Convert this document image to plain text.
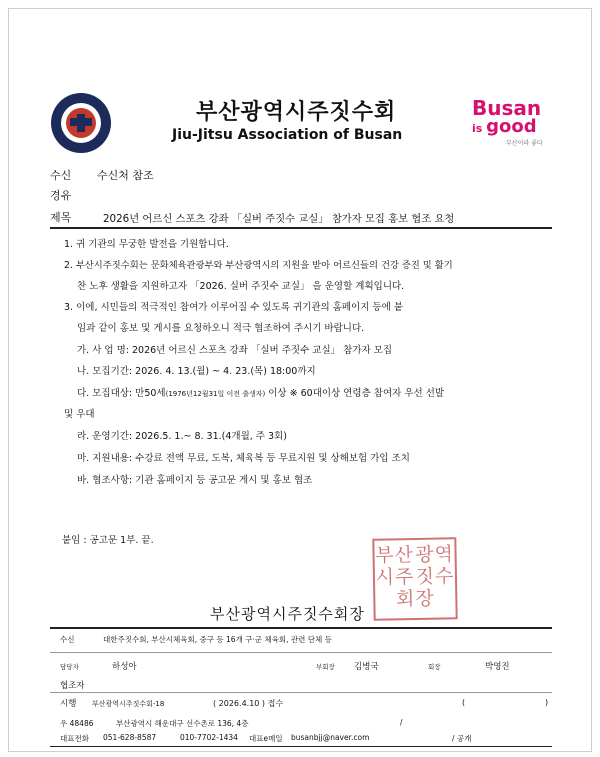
부산광역시주짓수회
Jiu-Jitsu Association of Busan
Busan
is good
부산이라 좋다
수신 수신처 참조
경유
제목	2026년 어르신 스포츠 강좌 「실버 주짓수 교실」 참가자 모집 홍보 협조 요청
1. 귀 기관의 무궁한 발전을 기원합니다.
2. 부산시주짓수회는 문화체육관광부와 부산광역시의 지원을 받아 어르신들의 건강 증진 및 활기
찬 노후 생활을 지원하고자 「2026. 실버 주짓수 교실」 을 운영할 계획입니다.
3. 이에, 시민들의 적극적인 참여가 이루어질 수 있도록 귀기관의 홈페이지 등에 붙
임과 같이 홍보 및 게시를 요청하오니 적극 협조하여 주시기 바랍니다.
가. 사 업 명: 2026년 어르신 스포츠 강좌 「실버 주짓수 교실」 참가자 모집
나. 모집기간: 2026. 4. 13.(월) ~ 4. 23.(목) 18:00까지
다. 모집대상: 만50세(1976년12월31일 이전 출생자) 이상 ※ 60대이상 연령층 참여자 우선 선발
및 우대
라. 운영기간: 2026.5. 1.~ 8. 31.(4개월, 주 3회)
마. 지원내용: 수강료 전액 무료, 도복, 체육복 등 무료지원 및 상해보험 가입 조치
바. 협조사항: 기관 홈페이지 등 공고문 게시 및 홍보 협조
붙임 : 공고문 1부. 끝.
부산 광역
시주 짓수
회장
부산광역시주짓수회장
수신	대한주짓수회, 부산시체육회, 중구 등 16개 구·군 체육회, 관련 단체 등
담당자	하성아	부회장 김병국	회장	박영진
협조자
시행 부산광역시주짓수회-18	( 2026.4.10 ) 접수	(	)
우 48486	부산광역시 해운대구 선수촌로 136, 4층	/
대표전화 051-628-8587	010-7702-1434 대표e메일 busanbjj@naver.com	/ 공개
